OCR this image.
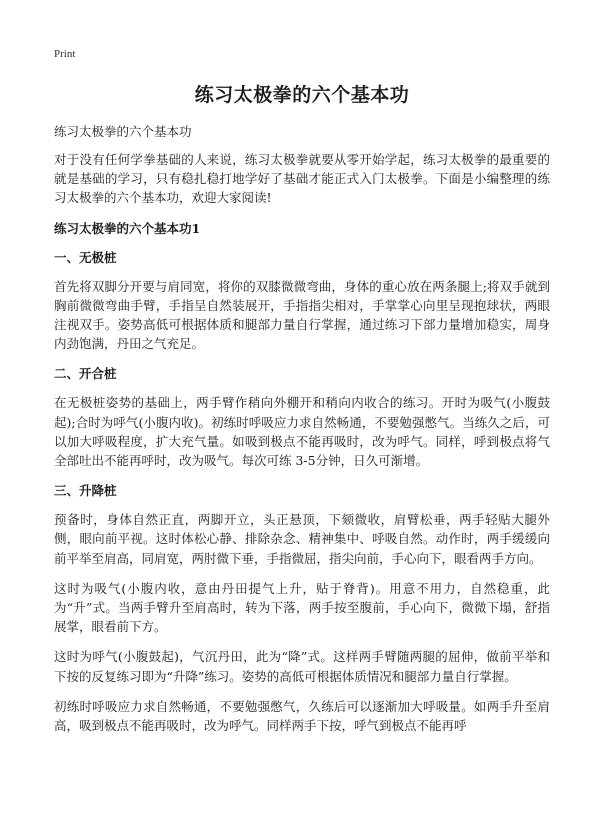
Print
练习太极拳的六个基本功

练习太极拳的六个基本功

对于没有任何学拳基础的人来说，练习太极拳就要从零开始学起，练习太极拳的最重要的就是基础的学习，只有稳扎稳打地学好了基础才能正式入门太极拳。下面是小编整理的练习太极拳的六个基本功，欢迎大家阅读!

练习太极拳的六个基本功1
一、无极桩

首先将双脚分开要与肩同宽，将你的双膝微微弯曲，身体的重心放在两条腿上;将双手就到胸前微微弯曲手臂，手指呈自然装展开，手指指尖相对，手掌掌心向里呈现抱球状，两眼注视双手。姿势高低可根据体质和腿部力量自行掌握，通过练习下部力量增加稳实，周身内劲饱满，丹田之气充足。

二、开合桩

在无极桩姿势的基础上，两手臂作稍向外棚开和稍向内收合的练习。开时为吸气(小腹鼓起);合时为呼气(小腹内收)。初练时呼吸应力求自然畅通，不要勉强憋气。当练久之后，可以加大呼吸程度，扩大充气量。如吸到极点不能再吸时，改为呼气。同样，呼到极点将气全部吐出不能再呼时，改为吸气。每次可练 3-5分钟，日久可渐增。

三、升降桩

预备时，身体自然正直，两脚开立，头正悬顶，下颏微收，肩臂松垂，两手轻贴大腿外侧，眼向前平视。这时体松心静、排除杂念、精神集中、呼吸自然。动作时，两手缓缓向前平举至肩高，同肩宽，两肘微下垂，手指微屈，指尖向前，手心向下，眼看两手方向。

这时为吸气(小腹内收，意由丹田提气上升，贴于脊背)。用意不用力，自然稳重，此为“升”式。当两手臂升至肩高时，转为下落，两手按至腹前，手心向下，微微下塌，舒指展掌，眼看前下方。

这时为呼气(小腹鼓起)，气沉丹田，此为“降”式。这样两手臂随两腿的屈伸，做前平举和下按的反复练习即为“升降”练习。姿势的高低可根据体质情况和腿部力量自行掌握。

初练时呼吸应力求自然畅通，不要勉强憋气，久练后可以逐渐加大呼吸量。如两手升至肩高，吸到极点不能再吸时，改为呼气。同样两手下按，呼气到极点不能再呼
